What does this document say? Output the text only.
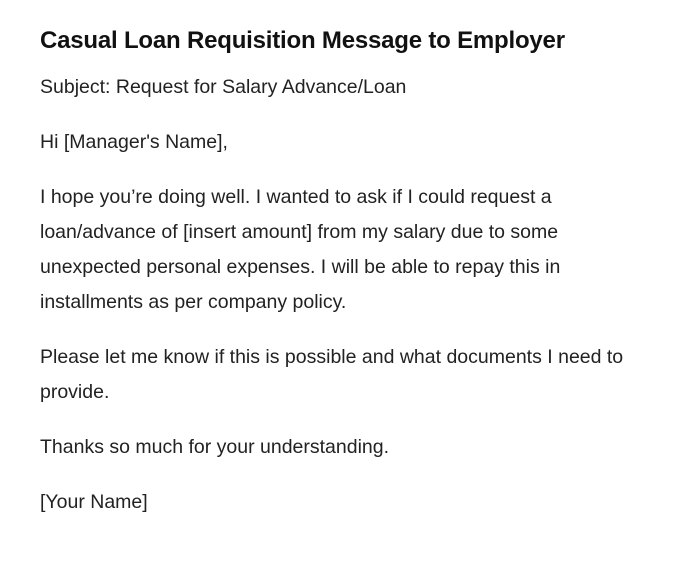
Casual Loan Requisition Message to Employer

Subject: Request for Salary Advance/Loan

Hi [Manager's Name],

I hope you’re doing well. I wanted to ask if I could request a loan/advance of [insert amount] from my salary due to some unexpected personal expenses. I will be able to repay this in installments as per company policy.

Please let me know if this is possible and what documents I need to provide.

Thanks so much for your understanding.

[Your Name]
